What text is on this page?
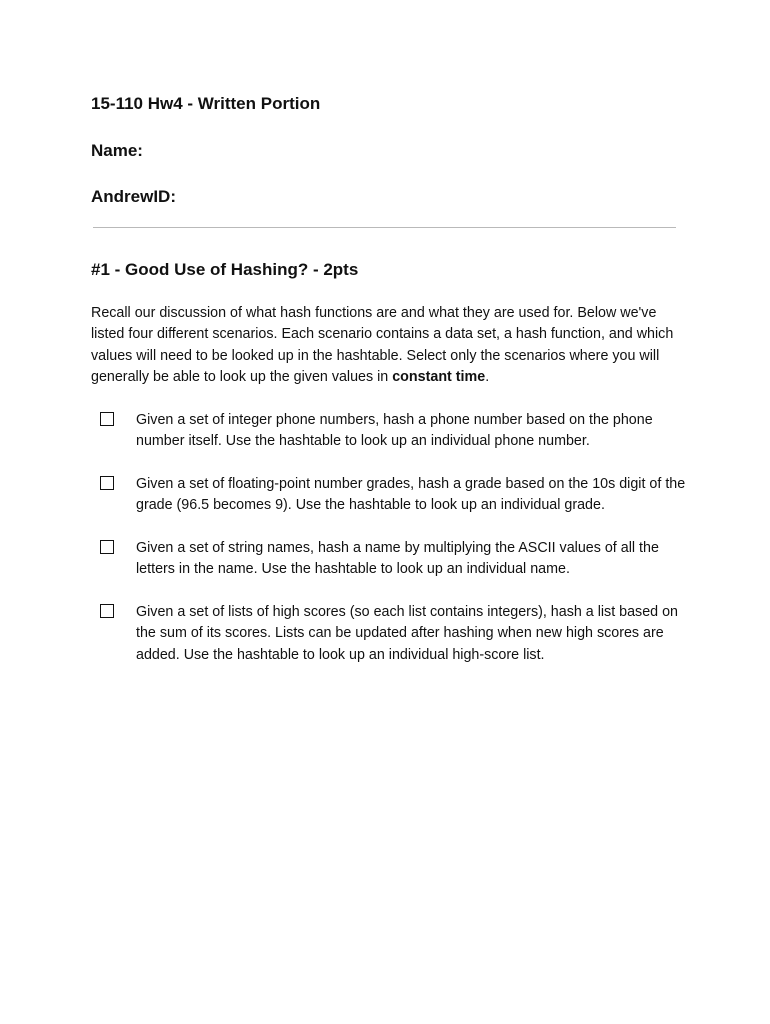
15-110 Hw4 - Written Portion
Name:
AndrewID:
#1 - Good Use of Hashing? - 2pts

Recall our discussion of what hash functions are and what they are used for. Below we've listed four different scenarios. Each scenario contains a data set, a hash function, and which values will need to be looked up in the hashtable. Select only the scenarios where you will generally be able to look up the given values in constant time.

Given a set of integer phone numbers, hash a phone number based on the phone number itself. Use the hashtable to look up an individual phone number.

Given a set of floating-point number grades, hash a grade based on the 10s digit of the grade (96.5 becomes 9). Use the hashtable to look up an individual grade.

Given a set of string names, hash a name by multiplying the ASCII values of all the letters in the name. Use the hashtable to look up an individual name.

Given a set of lists of high scores (so each list contains integers), hash a list based on the sum of its scores. Lists can be updated after hashing when new high scores are added. Use the hashtable to look up an individual high-score list.
